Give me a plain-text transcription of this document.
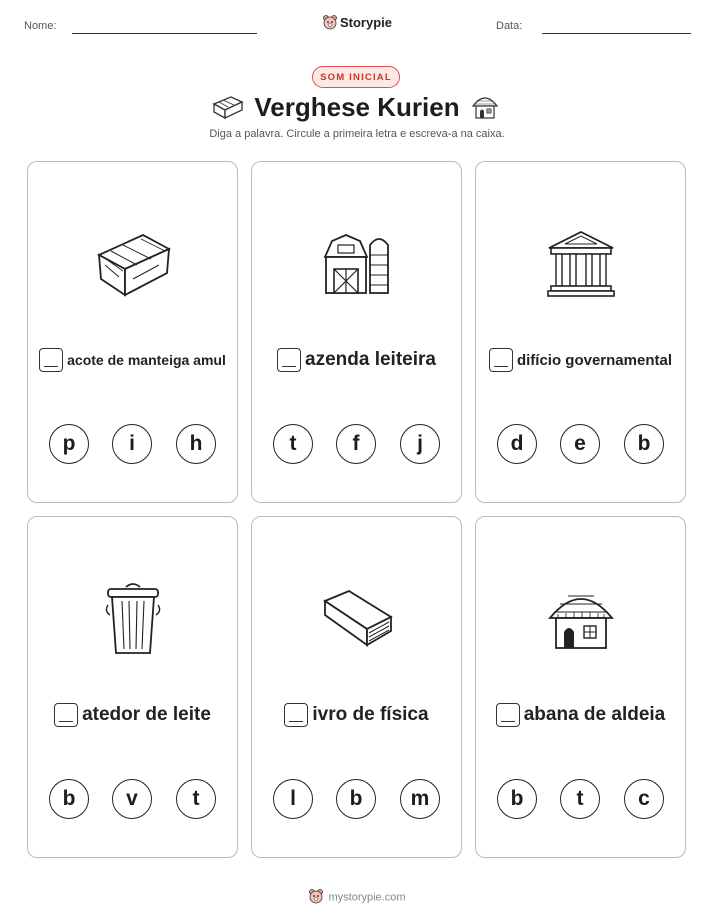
Nome:	Storypie	Data:
SOM INICIAL
Verghese Kurien
Diga a palavra. Circule a primeira letra e escreva-a na caixa.
acote de manteiga amul
p	i	h
azenda leiteira
t	f	j
difício governamental
d	e	b
atedor de leite
b	v	t
ivro de física
l	b	m
abana de aldeia
b	t	c
mystorypie.com
